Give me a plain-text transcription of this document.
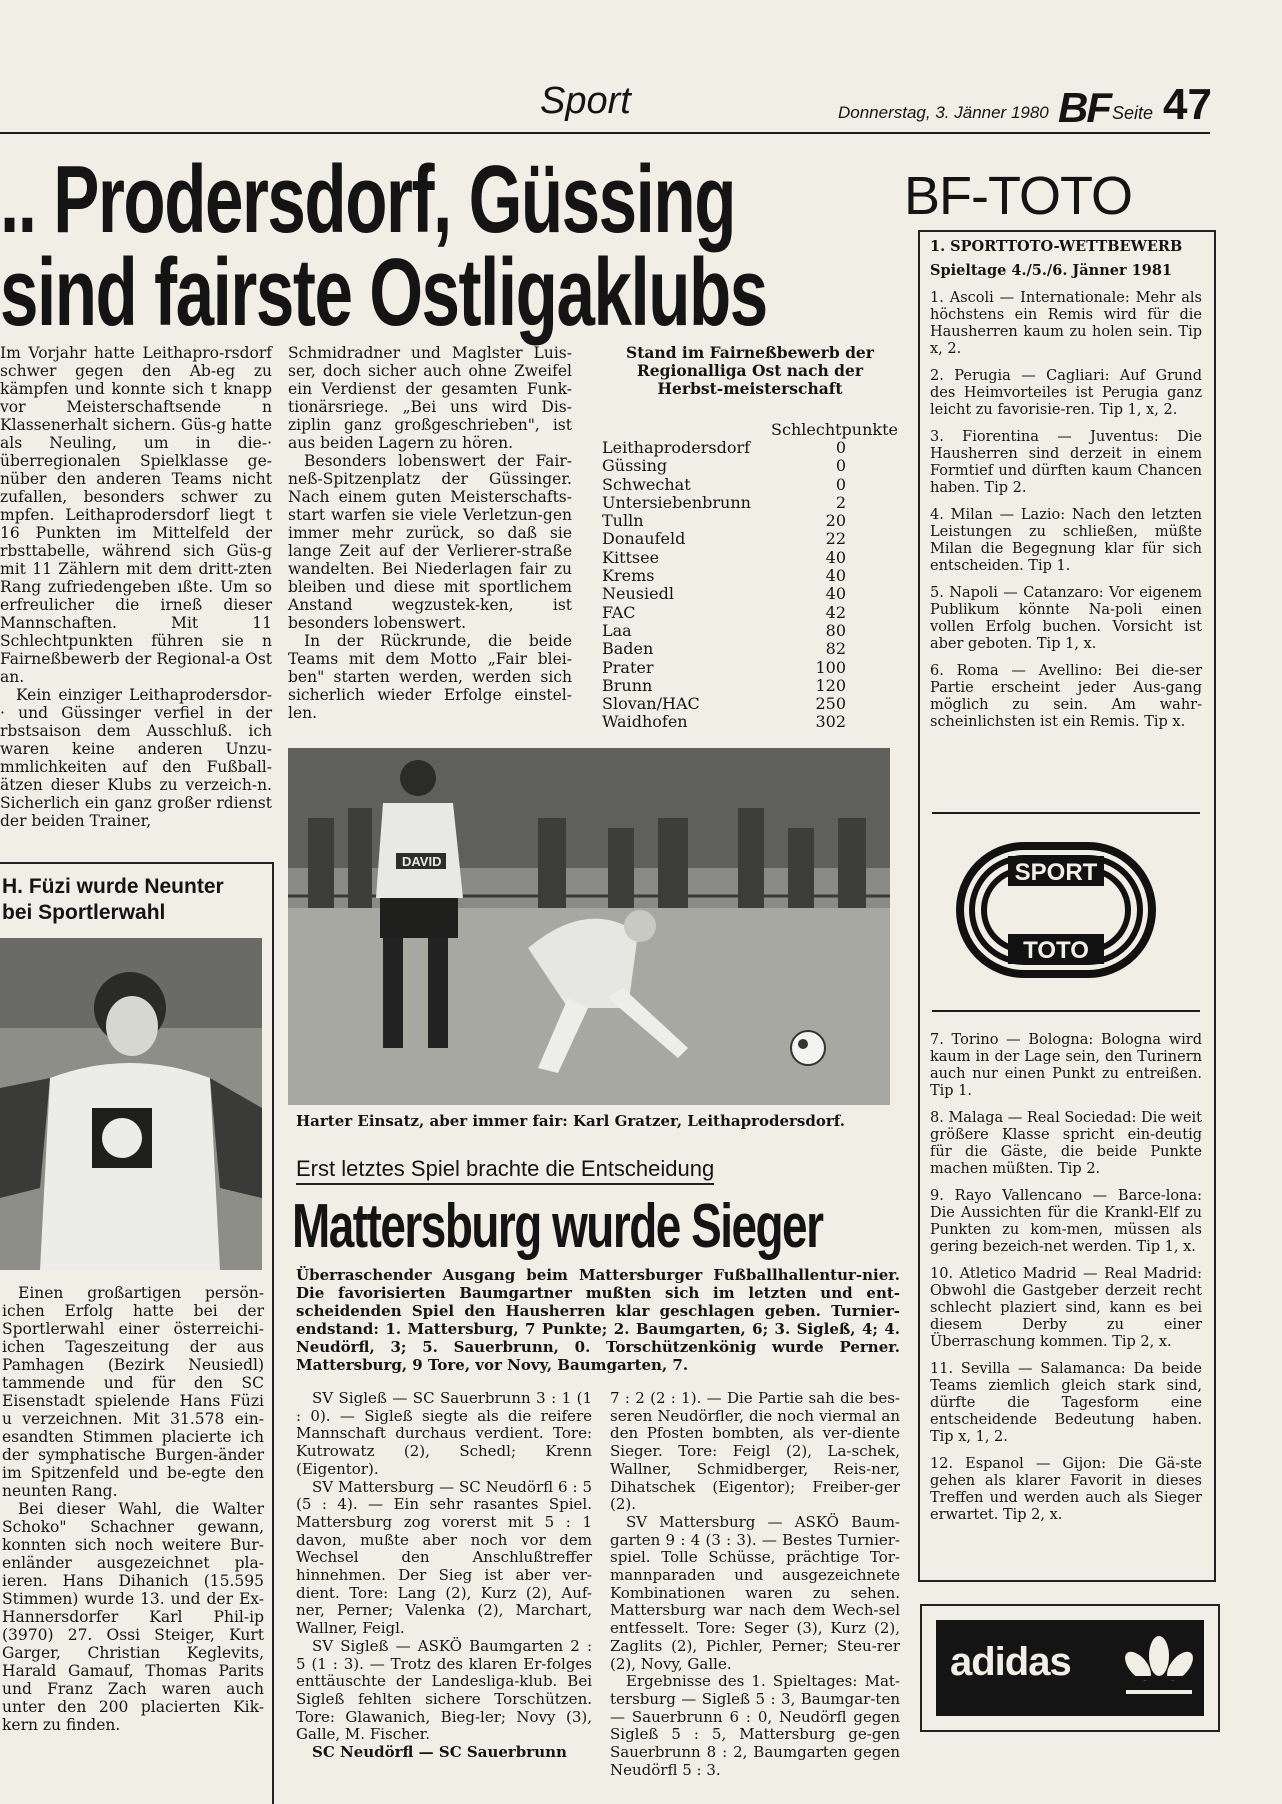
Sport	Donnerstag, 3. Jänner 1980 BF Seite 47
.. Prodersdorf, Güssing
sind fairste Ostligaklubs

Im Vorjahr hatte Leithapro-rsdorf schwer gegen den Ab-eg zu kämpfen und konnte sich t knapp vor Meisterschaftsende n Klassenerhalt sichern. Güs-g hatte als Neuling, um in die-· überregionalen Spielklasse ge-nüber den anderen Teams nicht zufallen, besonders schwer zu mpfen. Leithaprodersdorf liegt t 16 Punkten im Mittelfeld der rbsttabelle, während sich Güs-g mit 11 Zählern mit dem dritt-zten Rang zufriedengeben ıßte. Um so erfreulicher die irneß dieser Mannschaften. Mit 11 Schlechtpunkten führen sie n Fairneßbewerb der Regional-a Ost an.

Kein einziger Leithaprodersdor-· und Güssinger verfiel in der rbstsaison dem Ausschluß. ich waren keine anderen Unzu-mmlichkeiten auf den Fußball-ätzen dieser Klubs zu verzeich-n. Sicherlich ein ganz großer rdienst der beiden Trainer,

Schmidradner und Maglster Luis-ser, doch sicher auch ohne Zweifel ein Verdienst der gesamten Funk-tionärsriege. „Bei uns wird Dis-ziplin ganz großgeschrieben", ist aus beiden Lagern zu hören.

Besonders lobenswert der Fair-neß-Spitzenplatz der Güssinger. Nach einem guten Meisterschafts-start warfen sie viele Verletzun-gen immer mehr zurück, so daß sie lange Zeit auf der Verlierer-straße wandelten. Bei Niederlagen fair zu bleiben und diese mit sportlichem Anstand wegzustek-ken, ist besonders lobenswert.

In der Rückrunde, die beide Teams mit dem Motto „Fair blei-ben" starten werden, werden sich sicherlich wieder Erfolge einstel-len.

Stand im Fairneßbewerb der Regionalliga Ost nach der Herbst-meisterschaft
Schlechtpunkte
Leithaprodersdorf	0
Güssing	0
Schwechat	0
Untersiebenbrunn	2
Tulln	20
Donaufeld	22
Kittsee	40
Krems	40
Neusiedl	40
FAC	42
Laa	80
Baden	82
Prater	100
Brunn	120
Slovan/HAC	250
Waidhofen	302
DAVID
Harter Einsatz, aber immer fair: Karl Gratzer, Leithaprodersdorf.
H. Füzi wurde Neunter
bei Sportlerwahl

Einen großartigen persön-ichen Erfolg hatte bei der Sportlerwahl einer österreichi-ichen Tageszeitung der aus Pamhagen (Bezirk Neusiedl) tammende und für den SC Eisenstadt spielende Hans Füzi u verzeichnen. Mit 31.578 ein-esandten Stimmen placierte ich der symphatische Burgen-änder im Spitzenfeld und be-egte den neunten Rang.

Bei dieser Wahl, die Walter Schoko" Schachner gewann, konnten sich noch weitere Bur-enländer ausgezeichnet pla-ieren. Hans Dihanich (15.595 Stimmen) wurde 13. und der Ex-Hannersdorfer Karl Phil-ip (3970) 27. Ossi Steiger, Kurt Garger, Christian Keglevits, Harald Gamauf, Thomas Parits und Franz Zach waren auch unter den 200 placierten Kik-kern zu finden.

Erst letztes Spiel brachte die Entscheidung
Mattersburg wurde Sieger
Überraschender Ausgang beim Mattersburger Fußballhallentur-nier. Die favorisierten Baumgartner mußten sich im letzten und ent-scheidenden Spiel den Hausherren klar geschlagen geben. Turnier-endstand: 1. Mattersburg, 7 Punkte; 2. Baumgarten, 6; 3. Sigleß, 4; 4. Neudörfl, 3; 5. Sauerbrunn, 0. Torschützenkönig wurde Perner. Mattersburg, 9 Tore, vor Novy, Baumgarten, 7.

SV Sigleß — SC Sauerbrunn 3 : 1 (1 : 0). — Sigleß siegte als die reifere Mannschaft durchaus verdient. Tore: Kutrowatz (2), Schedl; Krenn (Eigentor).

SV Mattersburg — SC Neudörfl 6 : 5 (5 : 4). — Ein sehr rasantes Spiel. Mattersburg zog vorerst mit 5 : 1 davon, mußte aber noch vor dem Wechsel den Anschlußtreffer hinnehmen. Der Sieg ist aber ver-dient. Tore: Lang (2), Kurz (2), Auf-ner, Perner; Valenka (2), Marchart, Wallner, Feigl.

SV Sigleß — ASKÖ Baumgarten 2 : 5 (1 : 3). — Trotz des klaren Er-folges enttäuschte der Landesliga-klub. Bei Sigleß fehlten sichere Torschützen. Tore: Glawanich, Bieg-ler; Novy (3), Galle, M. Fischer.

SC Neudörfl — SC Sauerbrunn

7 : 2 (2 : 1). — Die Partie sah die bes-seren Neudörfler, die noch viermal an den Pfosten bombten, als ver-diente Sieger. Tore: Feigl (2), La-schek, Wallner, Schmidberger, Reis-ner, Dihatschek (Eigentor); Freiber-ger (2).

SV Mattersburg — ASKÖ Baum-garten 9 : 4 (3 : 3). — Bestes Turnier-spiel. Tolle Schüsse, prächtige Tor-mannparaden und ausgezeichnete Kombinationen waren zu sehen. Mattersburg war nach dem Wech-sel entfesselt. Tore: Seger (3), Kurz (2), Zaglits (2), Pichler, Perner; Steu-rer (2), Novy, Galle.

Ergebnisse des 1. Spieltages: Mat-tersburg — Sigleß 5 : 3, Baumgar-ten — Sauerbrunn 6 : 0, Neudörfl gegen Sigleß 5 : 5, Mattersburg ge-gen Sauerbrunn 8 : 2, Baumgarten gegen Neudörfl 5 : 3.

BF-TOTO
1. SPORTTOTO-WETTBEWERB
Spieltage 4./5./6. Jänner 1981

1. Ascoli — Internationale: Mehr als höchstens ein Remis wird für die Hausherren kaum zu holen sein. Tip x, 2.

2. Perugia — Cagliari: Auf Grund des Heimvorteiles ist Perugia ganz leicht zu favorisie-ren. Tip 1, x, 2.

3. Fiorentina — Juventus: Die Hausherren sind derzeit in einem Formtief und dürften kaum Chancen haben. Tip 2.

4. Milan — Lazio: Nach den letzten Leistungen zu schließen, müßte Milan die Begegnung klar für sich entscheiden. Tip 1.

5. Napoli — Catanzaro: Vor eigenem Publikum könnte Na-poli einen vollen Erfolg buchen. Vorsicht ist aber geboten. Tip 1, x.

6. Roma — Avellino: Bei die-ser Partie erscheint jeder Aus-gang möglich zu sein. Am wahr-scheinlichsten ist ein Remis. Tip x.

SPORT
TOTO

7. Torino — Bologna: Bologna wird kaum in der Lage sein, den Turinern auch nur einen Punkt zu entreißen. Tip 1.

8. Malaga — Real Sociedad: Die weit größere Klasse spricht ein-deutig für die Gäste, die beide Punkte machen müßten. Tip 2.

9. Rayo Vallencano — Barce-lona: Die Aussichten für die Krankl-Elf zu Punkten zu kom-men, müssen als gering bezeich-net werden. Tip 1, x.

10. Atletico Madrid — Real Madrid: Obwohl die Gastgeber derzeit recht schlecht plaziert sind, kann es bei diesem Derby zu einer Überraschung kommen. Tip 2, x.

11. Sevilla — Salamanca: Da beide Teams ziemlich gleich stark sind, dürfte die Tagesform eine entscheidende Bedeutung haben. Tip x, 1, 2.

12. Espanol — Gijon: Die Gä-ste gehen als klarer Favorit in dieses Treffen und werden auch als Sieger erwartet. Tip 2, x.

adidas
